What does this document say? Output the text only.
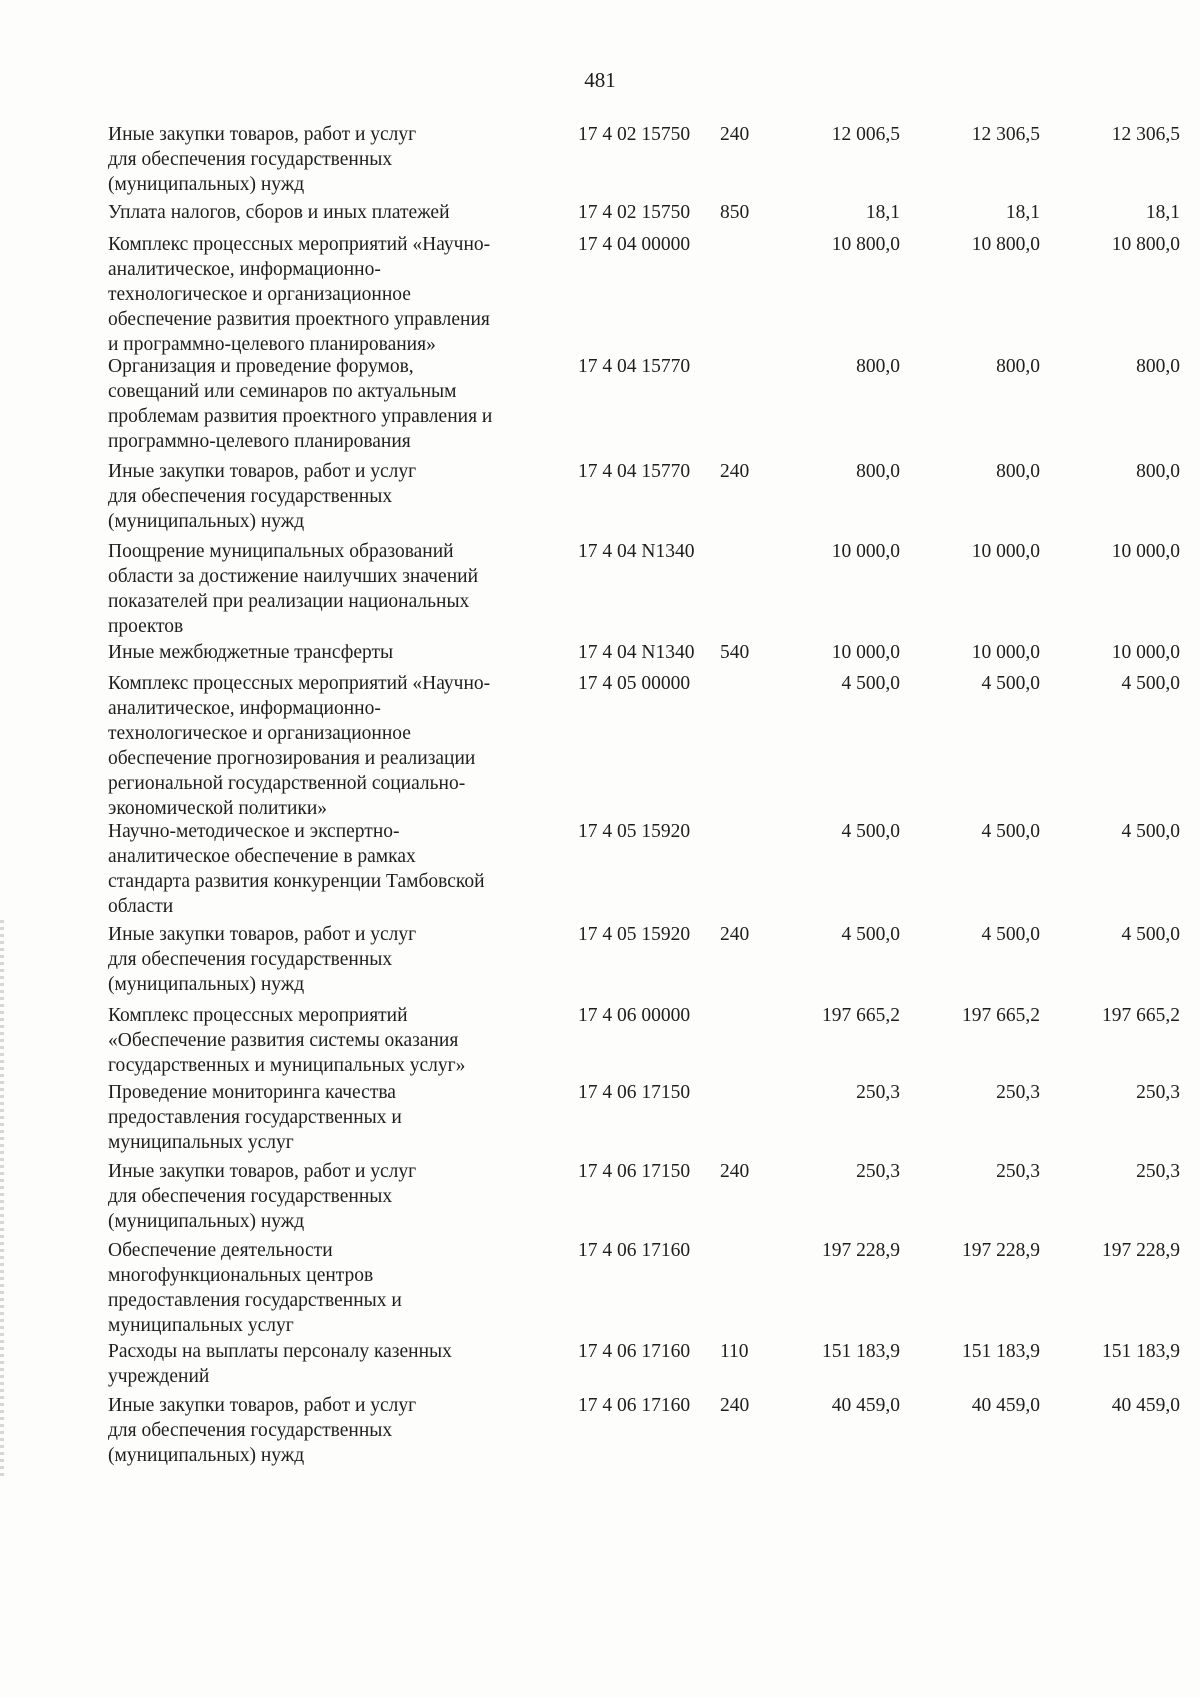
481
Иные закупки товаров, работ и услуг
для обеспечения государственных
(муниципальных) нужд
17 4 02 15750 240	12 006,5	12 306,5	12 306,5
Уплата налогов, сборов и иных платежей	17 4 02 15750 850	18,1	18,1	18,1
Комплекс процессных мероприятий «Научно-
аналитическое, информационно-
технологическое и организационное
обеспечение развития проектного управления
и программно-целевого планирования»
17 4 04 00000	10 800,0	10 800,0	10 800,0
Организация и проведение форумов,
совещаний или семинаров по актуальным
проблемам развития проектного управления и
программно-целевого планирования
17 4 04 15770	800,0	800,0	800,0
Иные закупки товаров, работ и услуг
для обеспечения государственных
(муниципальных) нужд
17 4 04 15770 240	800,0	800,0	800,0
Поощрение муниципальных образований
области за достижение наилучших значений
показателей при реализации национальных
проектов
17 4 04 N1340	10 000,0	10 000,0	10 000,0
Иные межбюджетные трансферты	17 4 04 N1340 540	10 000,0	10 000,0	10 000,0
Комплекс процессных мероприятий «Научно-
аналитическое, информационно-
технологическое и организационное
обеспечение прогнозирования и реализации
региональной государственной социально-
экономической политики»
17 4 05 00000	4 500,0	4 500,0	4 500,0
Научно-методическое и экспертно-
аналитическое обеспечение в рамках
стандарта развития конкуренции Тамбовской
области
17 4 05 15920	4 500,0	4 500,0	4 500,0
Иные закупки товаров, работ и услуг
для обеспечения государственных
(муниципальных) нужд
17 4 05 15920 240	4 500,0	4 500,0	4 500,0
Комплекс процессных мероприятий
«Обеспечение развития системы оказания
государственных и муниципальных услуг»
17 4 06 00000	197 665,2	197 665,2	197 665,2
Проведение мониторинга качества
предоставления государственных и
муниципальных услуг
17 4 06 17150	250,3	250,3	250,3
Иные закупки товаров, работ и услуг
для обеспечения государственных
(муниципальных) нужд
17 4 06 17150 240	250,3	250,3	250,3
Обеспечение деятельности
многофункциональных центров
предоставления государственных и
муниципальных услуг
17 4 06 17160	197 228,9	197 228,9	197 228,9
Расходы на выплаты персоналу казенных
учреждений
17 4 06 17160 110	151 183,9	151 183,9	151 183,9
Иные закупки товаров, работ и услуг
для обеспечения государственных
(муниципальных) нужд
17 4 06 17160 240	40 459,0	40 459,0	40 459,0
